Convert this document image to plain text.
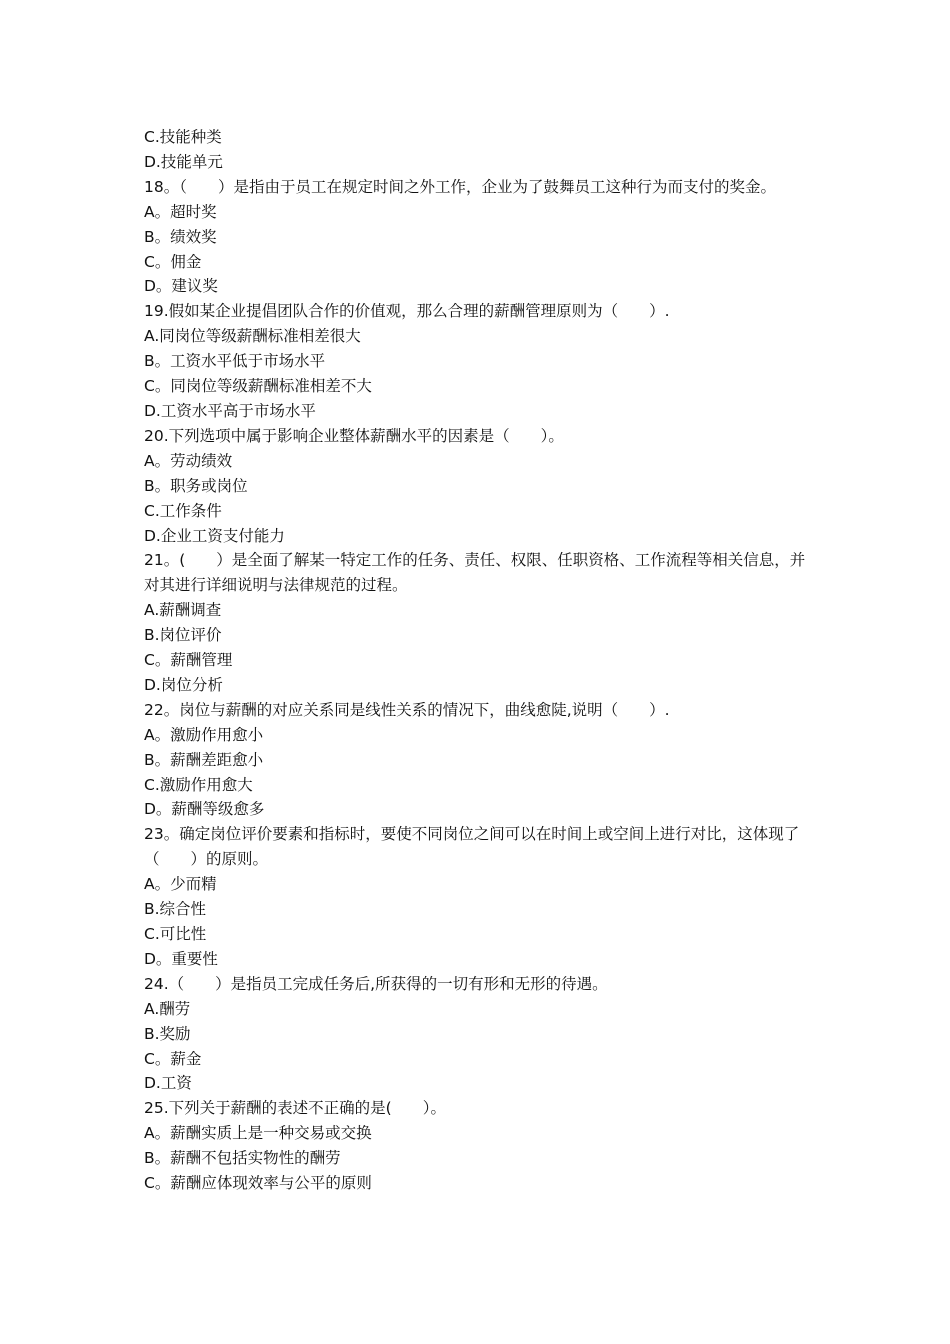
C.技能种类
D.技能单元
18。（　　）是指由于员工在规定时间之外工作，企业为了鼓舞员工这种行为而支付的奖金。
A。超时奖
B。绩效奖
C。佣金
D。建议奖
19.假如某企业提倡团队合作的价值观，那么合理的薪酬管理原则为（　　）.
A.同岗位等级薪酬标准相差很大
B。工资水平低于市场水平
C。同岗位等级薪酬标准相差不大
D.工资水平高于市场水平
20.下列选项中属于影响企业整体薪酬水平的因素是（　　）。
A。劳动绩效
B。职务或岗位
C.工作条件
D.企业工资支付能力
21。(　　）是全面了解某一特定工作的任务、责任、权限、任职资格、工作流程等相关信息，并对其进行详细说明与法律规范的过程。
A.薪酬调查
B.岗位评价
C。薪酬管理
D.岗位分析
22。岗位与薪酬的对应关系同是线性关系的情况下，曲线愈陡,说明（　　）.
A。激励作用愈小
B。薪酬差距愈小
C.激励作用愈大
D。薪酬等级愈多
23。确定岗位评价要素和指标时，要使不同岗位之间可以在时间上或空间上进行对比，这体现了（　　）的原则。
A。少而精
B.综合性
C.可比性
D。重要性
24.（　　）是指员工完成任务后,所获得的一切有形和无形的待遇。
A.酬劳
B.奖励
C。薪金
D.工资
25.下列关于薪酬的表述不正确的是(　　）。
A。薪酬实质上是一种交易或交换
B。薪酬不包括实物性的酬劳
C。薪酬应体现效率与公平的原则
